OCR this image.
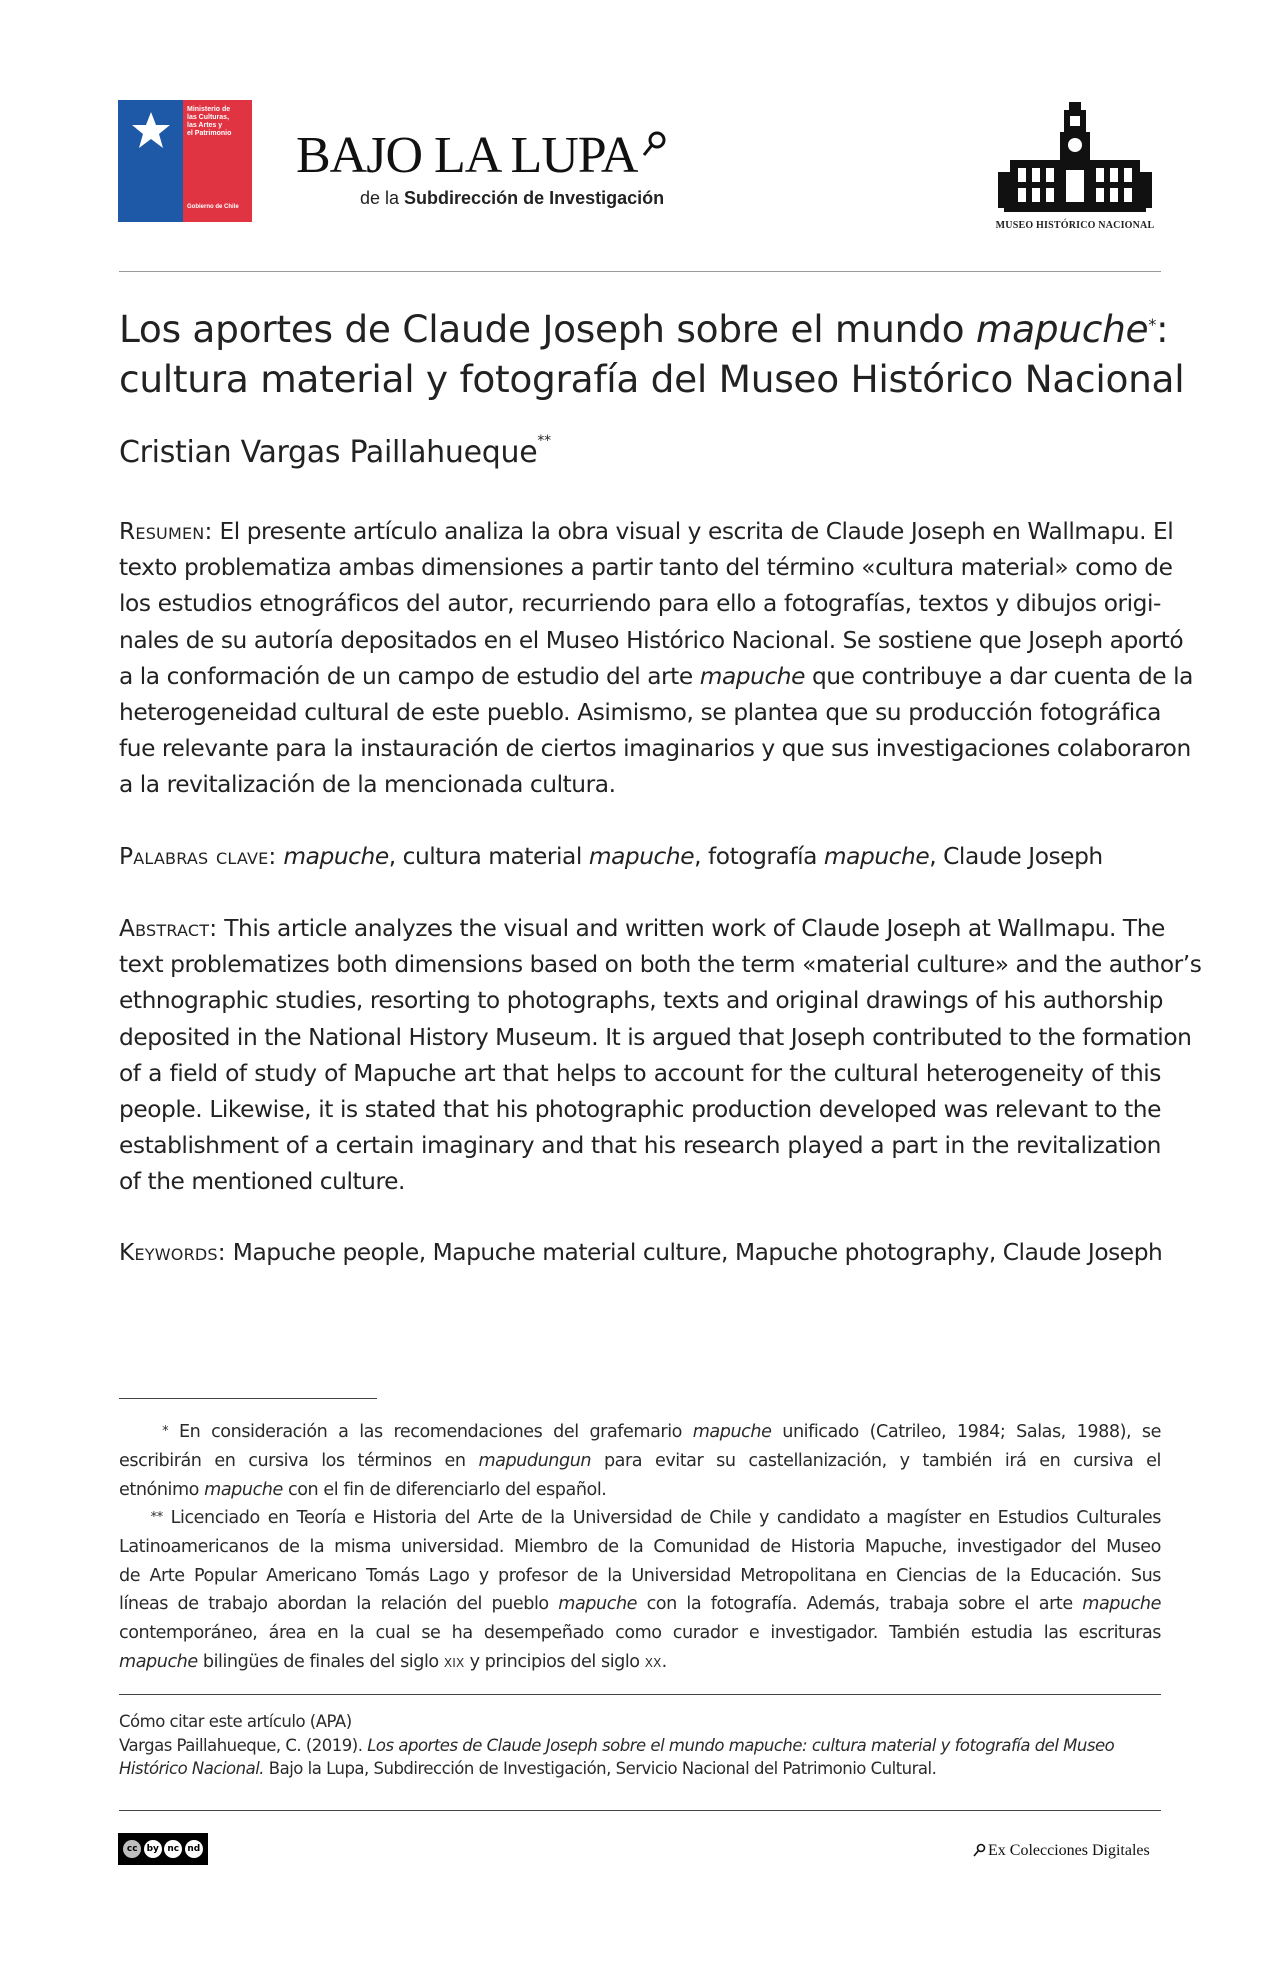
Ministerio de
las Culturas,
las Artes y
el Patrimonio
Gobierno de Chile
BAJO LA LUPA
de la Subdirección de Investigación
MUSEO HISTÓRICO NACIONAL
Los aportes de Claude Joseph sobre el mundo mapuche*:
cultura material y fotografía del Museo Histórico Nacional
Cristian Vargas Paillahueque**
Resumen: El presente artículo analiza la obra visual y escrita de Claude Joseph en Wallmapu. El
texto problematiza ambas dimensiones a partir tanto del término «cultura material» como de
los estudios etnográficos del autor, recurriendo para ello a fotografías, textos y dibujos origi-
nales de su autoría depositados en el Museo Histórico Nacional. Se sostiene que Joseph aportó
a la conformación de un campo de estudio del arte mapuche que contribuye a dar cuenta de la
heterogeneidad cultural de este pueblo. Asimismo, se plantea que su producción fotográfica
fue relevante para la instauración de ciertos imaginarios y que sus investigaciones colaboraron
a la revitalización de la mencionada cultura.
Palabras clave: mapuche, cultura material mapuche, fotografía mapuche, Claude Joseph
Abstract: This article analyzes the visual and written work of Claude Joseph at Wallmapu. The
text problematizes both dimensions based on both the term «material culture» and the author’s
ethnographic studies, resorting to photographs, texts and original drawings of his authorship
deposited in the National History Museum. It is argued that Joseph contributed to the formation
of a field of study of Mapuche art that helps to account for the cultural heterogeneity of this
people. Likewise, it is stated that his photographic production developed was relevant to the
establishment of a certain imaginary and that his research played a part in the revitalization
of the mentioned culture.
Keywords: Mapuche people, Mapuche material culture, Mapuche photography, Claude Joseph
* En consideración a las recomendaciones del grafemario mapuche unificado (Catrileo, 1984; Salas, 1988), se
escribirán en cursiva los términos en mapudungun para evitar su castellanización, y también irá en cursiva el
etnónimo mapuche con el fin de diferenciarlo del español.
** Licenciado en Teoría e Historia del Arte de la Universidad de Chile y candidato a magíster en Estudios Culturales
Latinoamericanos de la misma universidad. Miembro de la Comunidad de Historia Mapuche, investigador del Museo
de Arte Popular Americano Tomás Lago y profesor de la Universidad Metropolitana en Ciencias de la Educación. Sus
líneas de trabajo abordan la relación del pueblo mapuche con la fotografía. Además, trabaja sobre el arte mapuche
contemporáneo, área en la cual se ha desempeñado como curador e investigador. También estudia las escrituras
mapuche bilingües de finales del siglo xix y principios del siglo xx.
Cómo citar este artículo (APA)
Vargas Paillahueque, C. (2019). Los aportes de Claude Joseph sobre el mundo mapuche: cultura material y fotografía del Museo
Histórico Nacional. Bajo la Lupa, Subdirección de Investigación, Servicio Nacional del Patrimonio Cultural.
cc	by nc nd	Ex Colecciones Digitales
